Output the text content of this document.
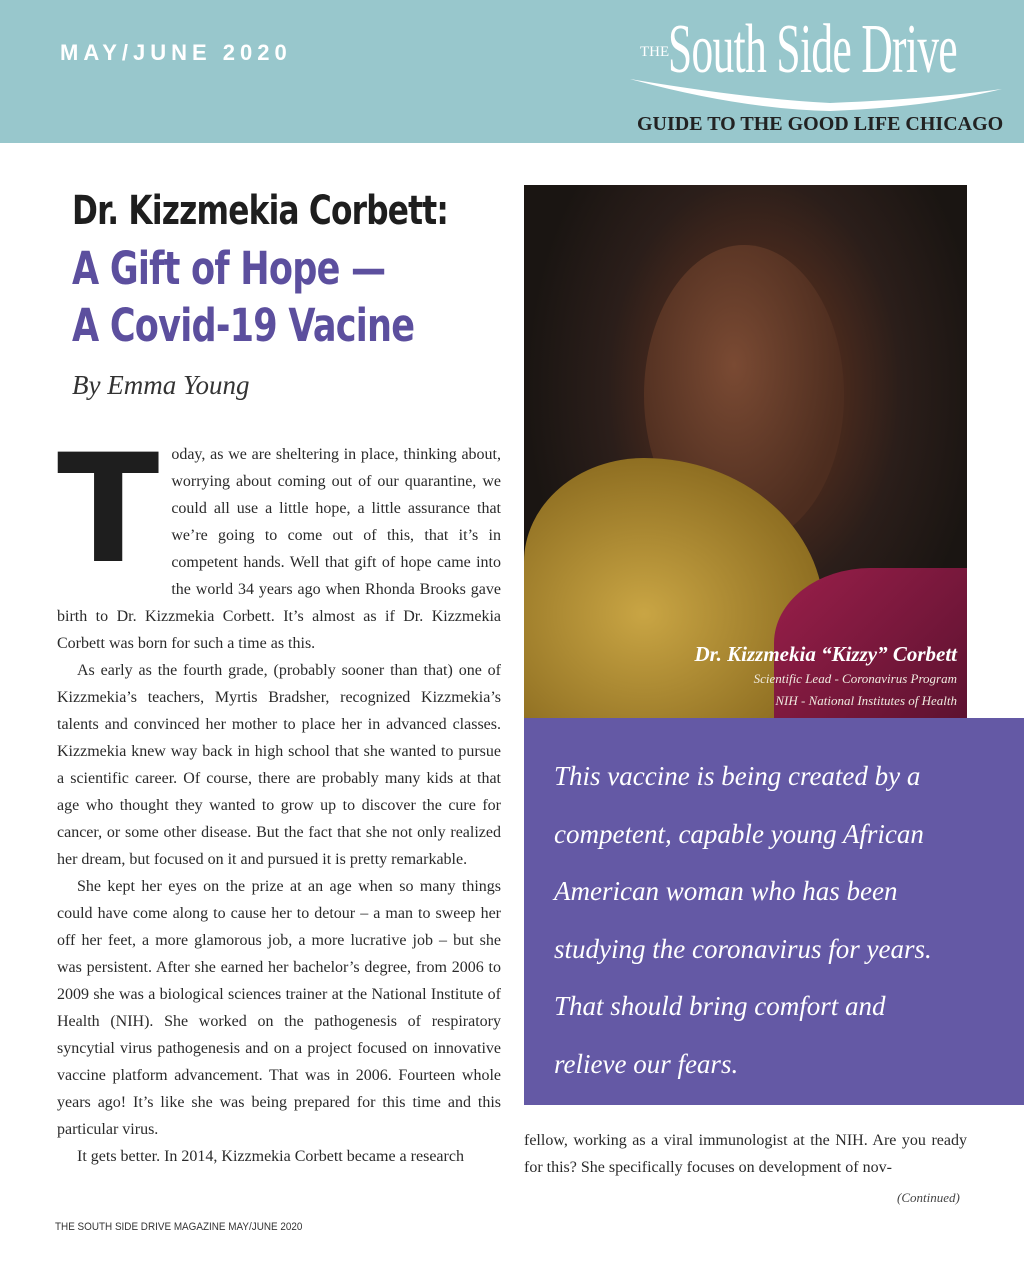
MAY/JUNE 2020	THE
South Side Drive
GUIDE TO THE GOOD LIFE CHICAGO
Dr. Kizzmekia Corbett:
A Gift of Hope —
A Covid-19 Vacine
By Emma Young

Today, as we are sheltering in place, thinking about, worrying about coming out of our quarantine, we could all use a little hope, a little assurance that we’re going to come out of this, that it’s in competent hands. Well that gift of hope came into the world 34 years ago when Rhonda Brooks gave birth to Dr. Kizzmekia Corbett. It’s almost as if Dr. Kizzmekia Corbett was born for such a time as this.

As early as the fourth grade, (probably sooner than that) one of Kizzmekia’s teachers, Myrtis Bradsher, recognized Kizzmekia’s talents and convinced her mother to place her in advanced classes. Kizzmekia knew way back in high school that she wanted to pursue a scientific career. Of course, there are probably many kids at that age who thought they wanted to grow up to discover the cure for cancer, or some other disease. But the fact that she not only realized her dream, but focused on it and pursued it is pretty remarkable.

She kept her eyes on the prize at an age when so many things could have come along to cause her to detour – a man to sweep her off her feet, a more glamorous job, a more lucrative job – but she was persistent. After she earned her bachelor’s degree, from 2006 to 2009 she was a biological sciences trainer at the National Institute of Health (NIH). She worked on the pathogenesis of respiratory syncytial virus pathogenesis and on a project focused on innovative vaccine platform advancement. That was in 2006. Fourteen whole years ago! It’s like she was being prepared for this time and this particular virus.

It gets better. In 2014, Kizzmekia Corbett became a research

Dr. Kizzmekia “Kizzy” Corbett
Scientific Lead - Coronavirus Program
NIH - National Institutes of Health
This vaccine is being created by a
competent, capable young African
American woman who has been
studying the coronavirus for years.
That should bring comfort and
relieve our fears.

fellow, working as a viral immunologist at the NIH. Are you ready for this? She specifically focuses on development of nov-

(Continued)
THE SOUTH SIDE DRIVE MAGAZINE MAY/JUNE 2020
